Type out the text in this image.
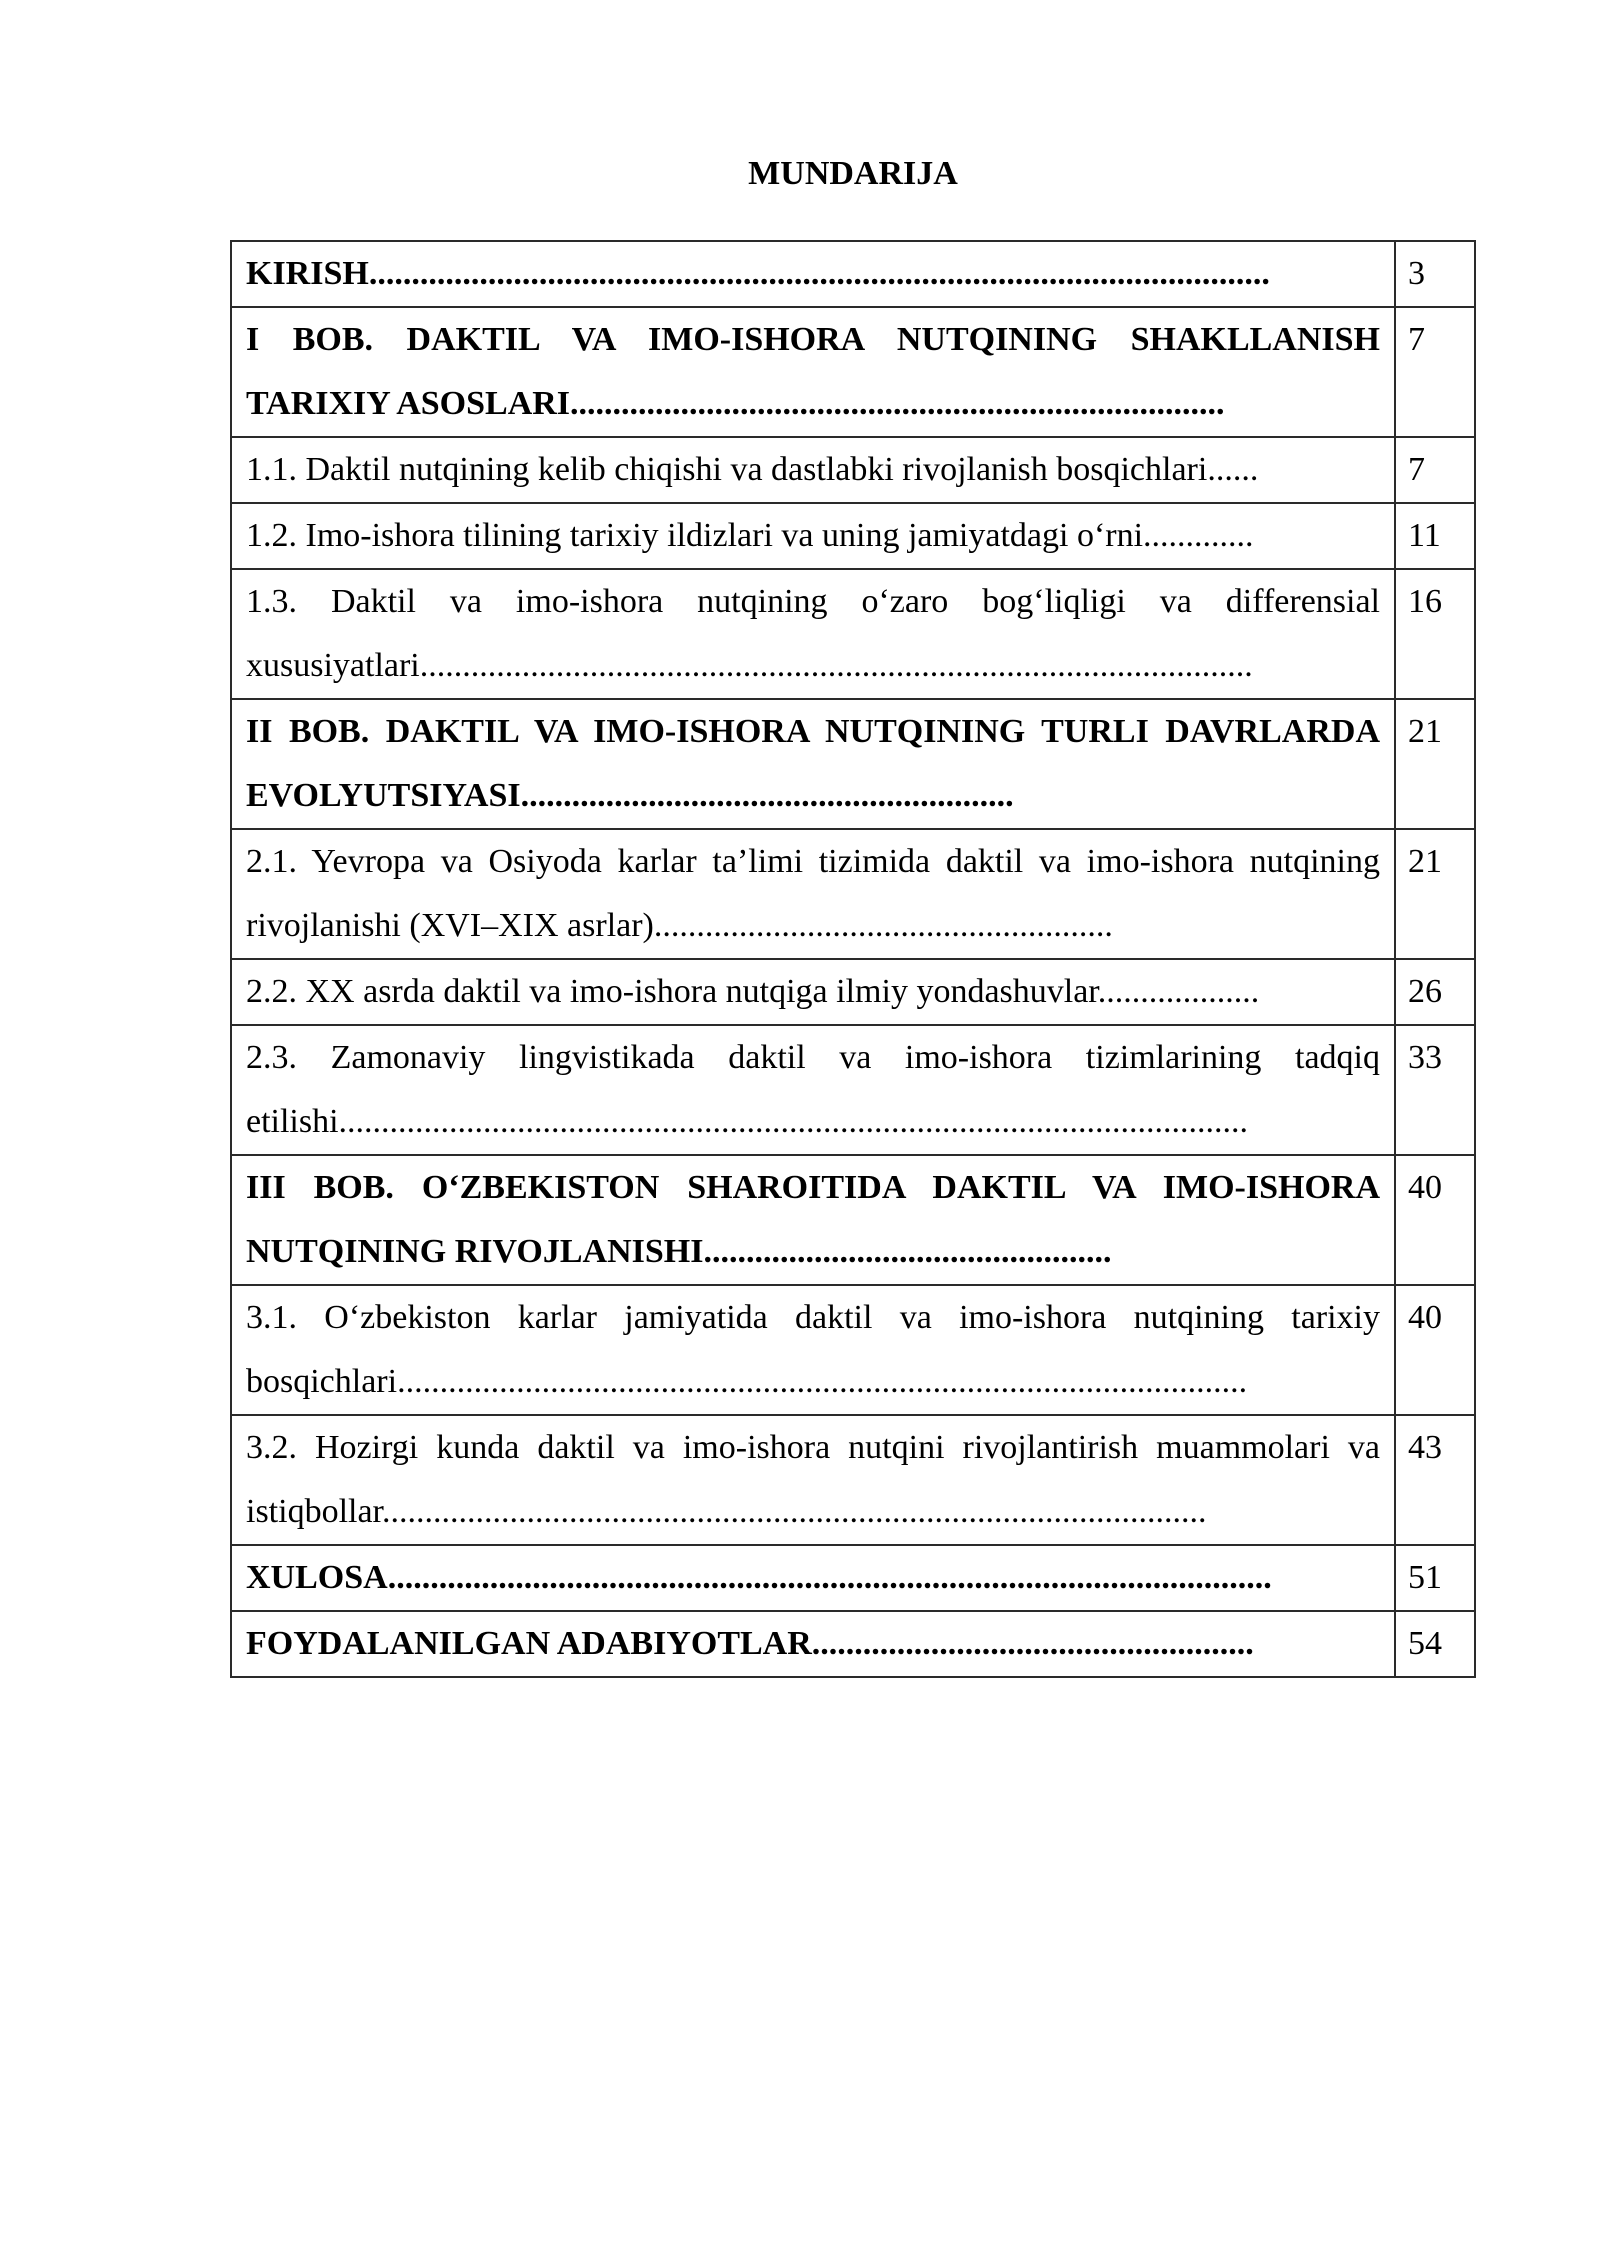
MUNDARIJA
KIRISH..........................................................................................................	3
I BOB. DAKTIL VA IMO-ISHORA NUTQINING SHAKLLANISH TARIXIY ASOSLARI.............................................................................	7
1.1. Daktil nutqining kelib chiqishi va dastlabki rivojlanish bosqichlari......	7
1.2. Imo-ishora tilining tarixiy ildizlari va uning jamiyatdagi o‘rni.............	11
1.3. Daktil va imo-ishora nutqining o‘zaro bog‘liqligi va differensial xususiyatlari..................................................................................................	16
II BOB. DAKTIL VA IMO-ISHORA NUTQINING TURLI DAVRLARDA EVOLYUTSIYASI..........................................................	21
2.1. Yevropa va Osiyoda karlar ta’limi tizimida daktil va imo-ishora nutqining rivojlanishi (XVI–XIX asrlar)......................................................	21
2.2. XX asrda daktil va imo-ishora nutqiga ilmiy yondashuvlar...................	26
2.3. Zamonaviy lingvistikada daktil va imo-ishora tizimlarining tadqiq etilishi...........................................................................................................	33
III BOB. O‘ZBEKISTON SHAROITIDA DAKTIL VA IMO-ISHORA NUTQINING RIVOJLANISHI................................................	40
3.1. O‘zbekiston karlar jamiyatida daktil va imo-ishora nutqining tarixiy bosqichlari....................................................................................................	40
3.2. Hozirgi kunda daktil va imo-ishora nutqini rivojlantirish muammolari va istiqbollar.................................................................................................	43
XULOSA........................................................................................................	51
FOYDALANILGAN ADABIYOTLAR....................................................	54
